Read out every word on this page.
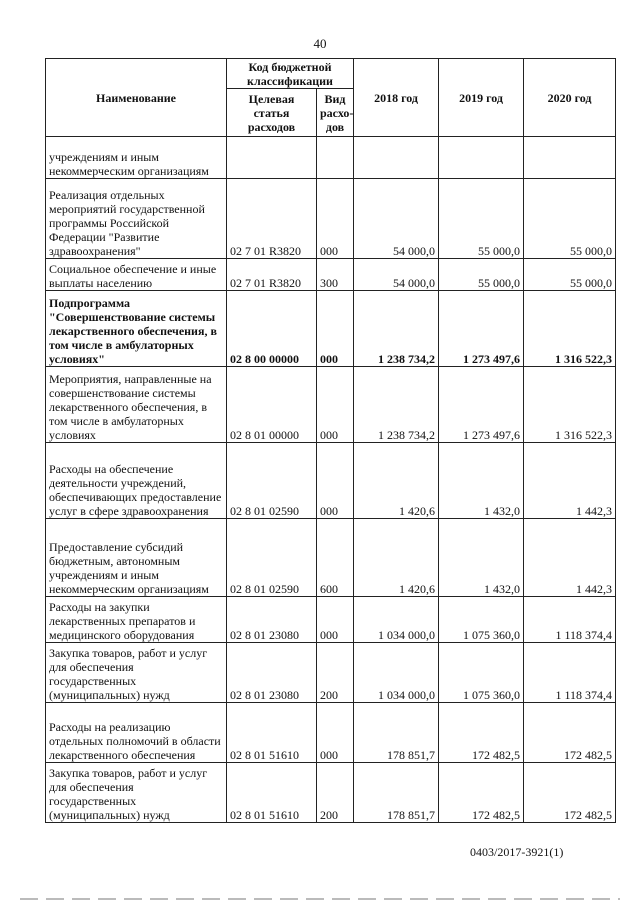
40
Наименование	Код бюджетной классификации		2018 год	2019 год	2020 год
	Целевая статья расходов	Вид расхо-дов			
учреждениям и иным некоммерческим организациям					
Реализация отдельных мероприятий государственной программы Российской Федерации "Развитие здравоохранения"	02 7 01 R3820	000	54 000,0	55 000,0	55 000,0
Социальное обеспечение и иные выплаты населению	02 7 01 R3820	300	54 000,0	55 000,0	55 000,0
Подпрограмма "Совершенствование системы лекарственного обеспечения, в том числе в амбулаторных условиях"	02 8 00 00000	000	1 238 734,2	1 273 497,6	1 316 522,3
Мероприятия, направленные на совершенствование системы лекарственного обеспечения, в том числе в амбулаторных условиях	02 8 01 00000	000	1 238 734,2	1 273 497,6	1 316 522,3
Расходы на обеспечение деятельности учреждений, обеспечивающих предоставление услуг в сфере здравоохранения	02 8 01 02590	000	1 420,6	1 432,0	1 442,3
Предоставление субсидий бюджетным, автономным учреждениям и иным некоммерческим организациям	02 8 01 02590	600	1 420,6	1 432,0	1 442,3
Расходы на закупки лекарственных препаратов и медицинского оборудования	02 8 01 23080	000	1 034 000,0	1 075 360,0	1 118 374,4
Закупка товаров, работ и услуг для обеспечения государственных (муниципальных) нужд	02 8 01 23080	200	1 034 000,0	1 075 360,0	1 118 374,4
Расходы на реализацию отдельных полномочий в области лекарственного обеспечения	02 8 01 51610	000	178 851,7	172 482,5	172 482,5
Закупка товаров, работ и услуг для обеспечения государственных (муниципальных) нужд	02 8 01 51610	200	178 851,7	172 482,5	172 482,5
0403/2017-3921(1)
